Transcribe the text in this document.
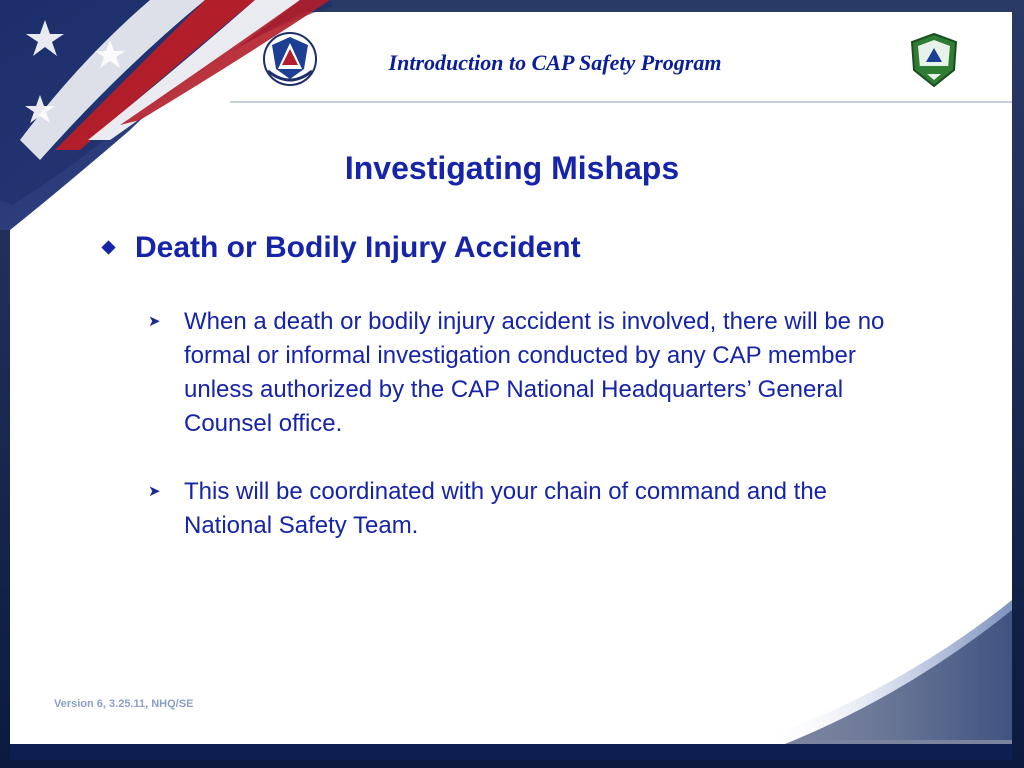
Introduction to CAP Safety Program
Investigating Mishaps
Death or Bodily Injury Accident
➤ When a death or bodily injury accident is involved, there will be no formal or informal investigation conducted by any CAP member unless authorized by the CAP National Headquarters’ General Counsel office.
➤ This will be coordinated with your chain of command and the National Safety Team.
Version 6, 3.25.11, NHQ/SE
